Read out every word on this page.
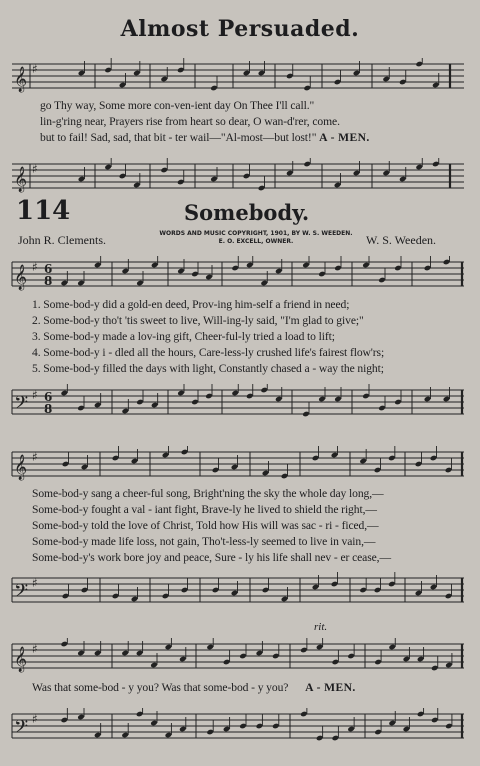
Almost Persuaded.
𝄞 ♯
go Thy way, Some more con-ven-ient day On Thee I'll call."
lin-g'ring near, Prayers rise from heart so dear, O wan-d'rer, come.
but to fail! Sad, sad, that bit - ter wail—"Al-most—but lost!" A - MEN.
𝄞 ♯
114	Somebody.
John R. Clements.	WORDS AND MUSIC COPYRIGHT, 1901, BY W. S. WEEDEN.
E. O. EXCELL, OWNER.	W. S. Weeden.
𝄞 ♯ 6
8
1. Some-bod-y did a gold-en deed, Prov-ing him-self a friend in need;
2. Some-bod-y tho't 'tis sweet to live, Will-ing-ly said, "I'm glad to give;"
3. Some-bod-y made a lov-ing gift, Cheer-ful-ly tried a load to lift;
4. Some-bod-y i - dled all the hours, Care-less-ly crushed life's fairest flow'rs;
5. Some-bod-y filled the days with light, Constantly chased a - way the night;
𝄢 ♯ 6
8
𝄞 ♯
Some-bod-y sang a cheer-ful song, Bright'ning the sky the whole day long,—
Some-bod-y fought a val - iant fight, Brave-ly he lived to shield the right,—
Some-bod-y told the love of Christ, Told how His will was sac - ri - ficed,—
Some-bod-y made life loss, not gain, Tho't-less-ly seemed to live in vain,—
Some-bod-y's work bore joy and peace, Sure - ly his life shall nev - er cease,—
𝄢 ♯
rit.
𝄞 ♯
Was that some-bod - y you? Was that some-bod - y you? A - MEN.
𝄢 ♯
